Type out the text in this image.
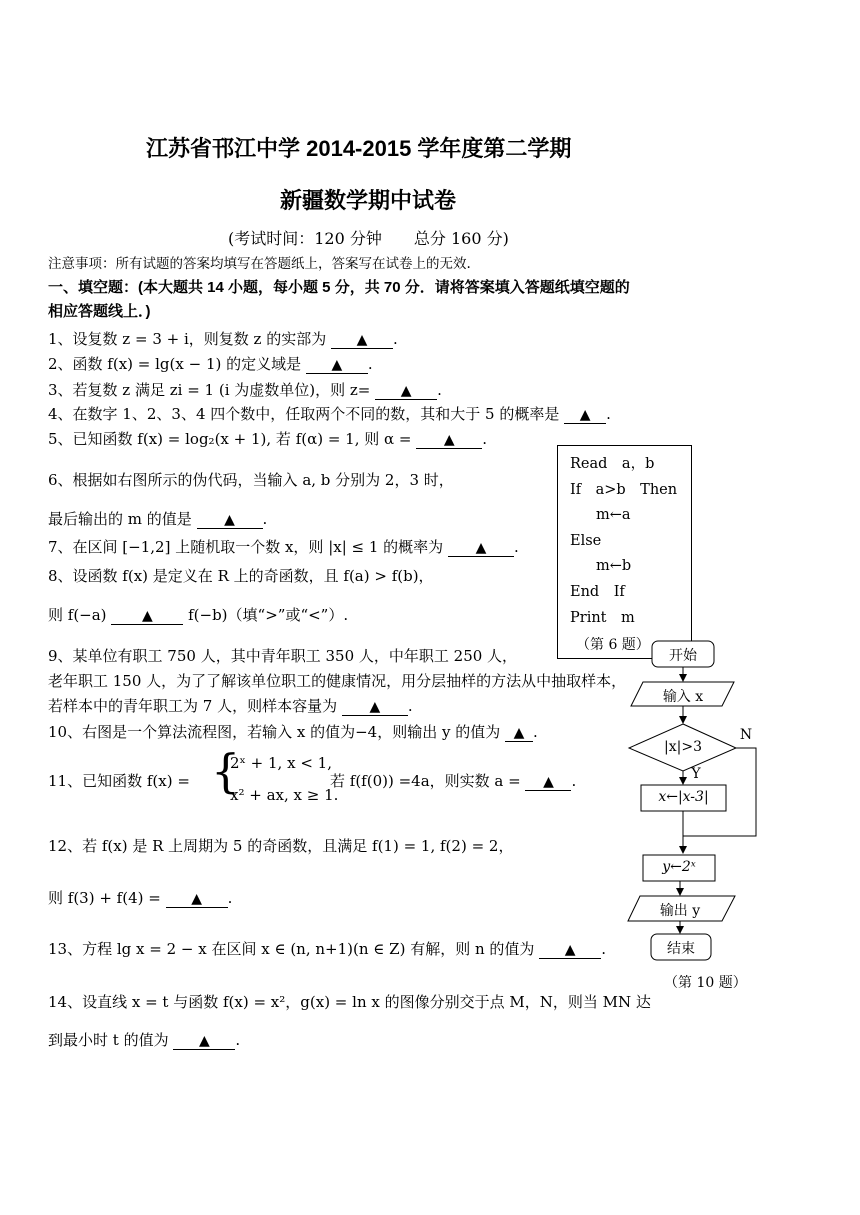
江苏省邗江中学 2014-2015 学年度第二学期
新疆数学期中试卷
(考试时间：120 分钟　　总分 160 分)
注意事项：所有试题的答案均填写在答题纸上，答案写在试卷上的无效.
一、填空题：(本大题共 14 小题，每小题 5 分，共 70 分．请将答案填入答题纸填空题的
相应答题线上．)
1、设复数 z = 3 + i，则复数 z 的实部为 ▲ .
2、函数 f(x) = lg(x − 1) 的定义域是 ▲ .
3、若复数 z 满足 zi = 1 (i 为虚数单位)，则 z= ▲ .
4、在数字 1、2、3、4 四个数中，任取两个不同的数，其和大于 5 的概率是 ▲ .
5、已知函数 f(x) = log₂(x + 1), 若 f(α) = 1, 则 α = ▲ .
6、根据如右图所示的伪代码，当输入 a, b 分别为 2，3 时，
最后输出的 m 的值是 ▲ .
7、在区间 [−1,2] 上随机取一个数 x，则 |x| ≤ 1 的概率为 ▲ .
8、设函数 f(x) 是定义在 R 上的奇函数，且 f(a) > f(b)，
则 f(−a)	▲ f(−b)（填“>”或“<”）.
9、某单位有职工 750 人，其中青年职工 350 人，中年职工 250 人，
老年职工 150 人，为了了解该单位职工的健康情况，用分层抽样的方法从中抽取样本，
若样本中的青年职工为 7 人，则样本容量为 ▲ .
10、右图是一个算法流程图，若输入 x 的值为−4，则输出 y 的值为 ▲ .
11、已知函数 f(x) = {
2ˣ + 1, x < 1,
x² + ax, x ≥ 1.
若 f(f(0)) =4a，则实数 a = ▲ .
12、若 f(x) 是 R 上周期为 5 的奇函数，且满足 f(1) = 1, f(2) = 2，
则 f(3) + f(4) = ▲ .
13、方程 lg x = 2 − x 在区间 x ∈ (n, n+1)(n ∈ Z) 有解，则 n 的值为 ▲ .
14、设直线 x = t 与函数 f(x) = x²，g(x) = ln x 的图像分别交于点 M，N，则当 MN 达
到最小时 t 的值为 ▲ .
Read　a，b
If　a>b　Then
m←a
Else
m←b
End　If
Print　m
（第 6 题）
开始
输入 x
|x|>3
N
Y
x←|x-3|
y←2ˣ
输出 y
结束
（第 10 题）
